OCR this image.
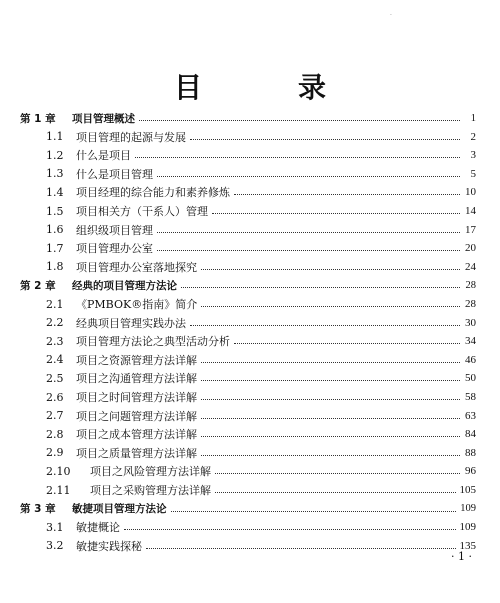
·
目　录
第 1 章	项目管理概述	1
1.1	项目管理的起源与发展	2
1.2	什么是项目	3
1.3	什么是项目管理	5
1.4	项目经理的综合能力和素养修炼	10
1.5	项目相关方（干系人）管理	14
1.6	组织级项目管理	17
1.7	项目管理办公室	20
1.8	项目管理办公室落地探究	24
第 2 章	经典的项目管理方法论	28
2.1	《PMBOK®指南》简介	28
2.2	经典项目管理实践办法	30
2.3	项目管理方法论之典型活动分析	34
2.4	项目之资源管理方法详解	46
2.5	项目之沟通管理方法详解	50
2.6	项目之时间管理方法详解	58
2.7	项目之问题管理方法详解	63
2.8	项目之成本管理方法详解	84
2.9	项目之质量管理方法详解	88
2.10	项目之风险管理方法详解	96
2.11	项目之采购管理方法详解	105
第 3 章	敏捷项目管理方法论	109
3.1	敏捷概论	109
3.2	敏捷实践探秘	135
· 1 ·
